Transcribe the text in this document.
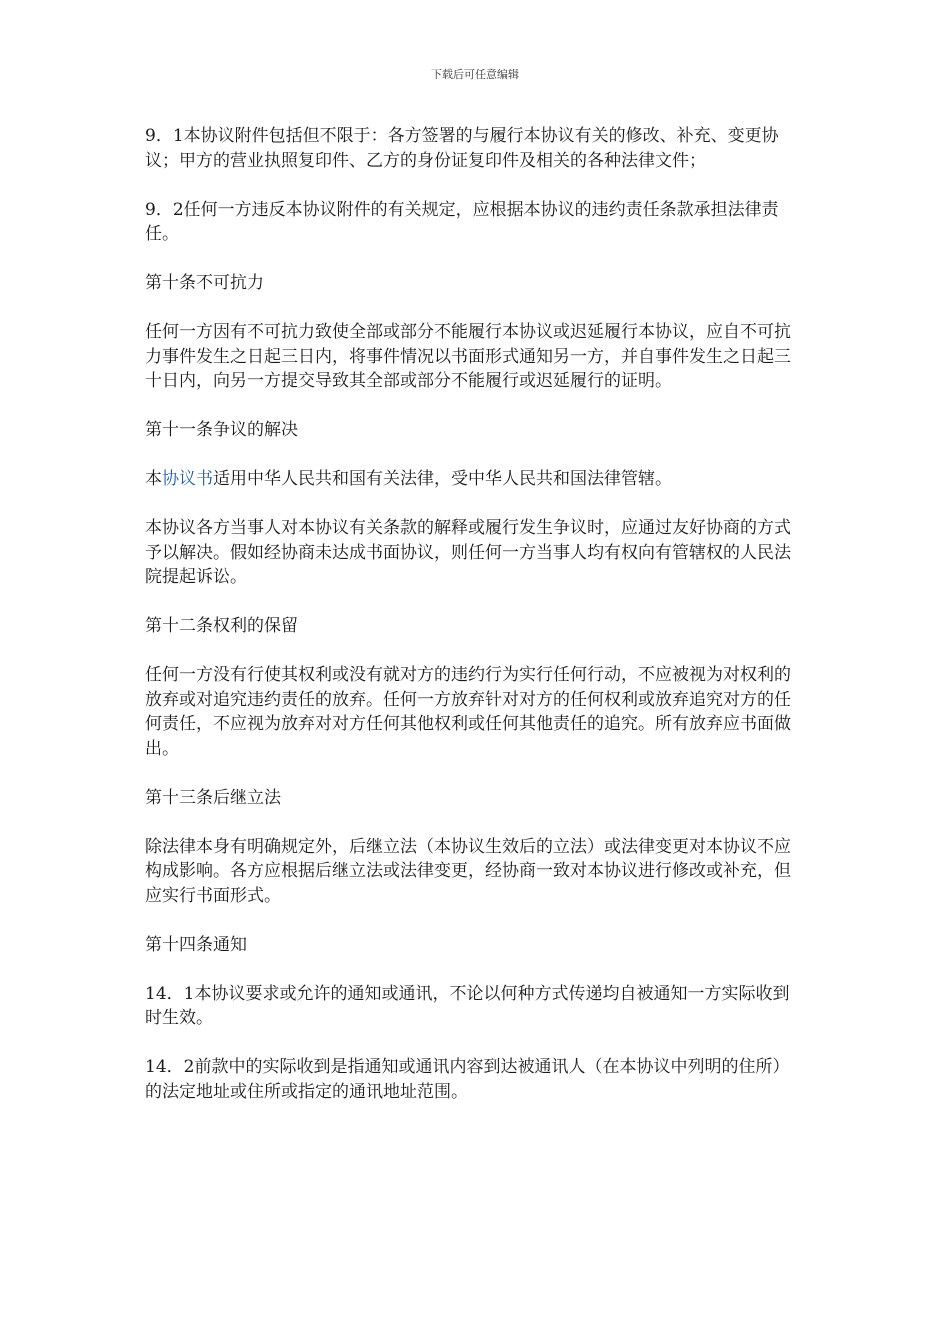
下载后可任意编辑

9．1本协议附件包括但不限于：各方签署的与履行本协议有关的修改、补充、变更协议；甲方的营业执照复印件、乙方的身份证复印件及相关的各种法律文件；

9．2任何一方违反本协议附件的有关规定，应根据本协议的违约责任条款承担法律责任。

第十条不可抗力

任何一方因有不可抗力致使全部或部分不能履行本协议或迟延履行本协议，应自不可抗力事件发生之日起三日内，将事件情况以书面形式通知另一方，并自事件发生之日起三十日内，向另一方提交导致其全部或部分不能履行或迟延履行的证明。

第十一条争议的解决

本协议书适用中华人民共和国有关法律，受中华人民共和国法律管辖。

本协议各方当事人对本协议有关条款的解释或履行发生争议时，应通过友好协商的方式予以解决。假如经协商未达成书面协议，则任何一方当事人均有权向有管辖权的人民法院提起诉讼。

第十二条权利的保留

任何一方没有行使其权利或没有就对方的违约行为实行任何行动，不应被视为对权利的放弃或对追究违约责任的放弃。任何一方放弃针对对方的任何权利或放弃追究对方的任何责任，不应视为放弃对对方任何其他权利或任何其他责任的追究。所有放弃应书面做出。

第十三条后继立法

除法律本身有明确规定外，后继立法（本协议生效后的立法）或法律变更对本协议不应构成影响。各方应根据后继立法或法律变更，经协商一致对本协议进行修改或补充，但应实行书面形式。

第十四条通知

14．1本协议要求或允许的通知或通讯，不论以何种方式传递均自被通知一方实际收到时生效。

14．2前款中的实际收到是指通知或通讯内容到达被通讯人（在本协议中列明的住所）的法定地址或住所或指定的通讯地址范围。
